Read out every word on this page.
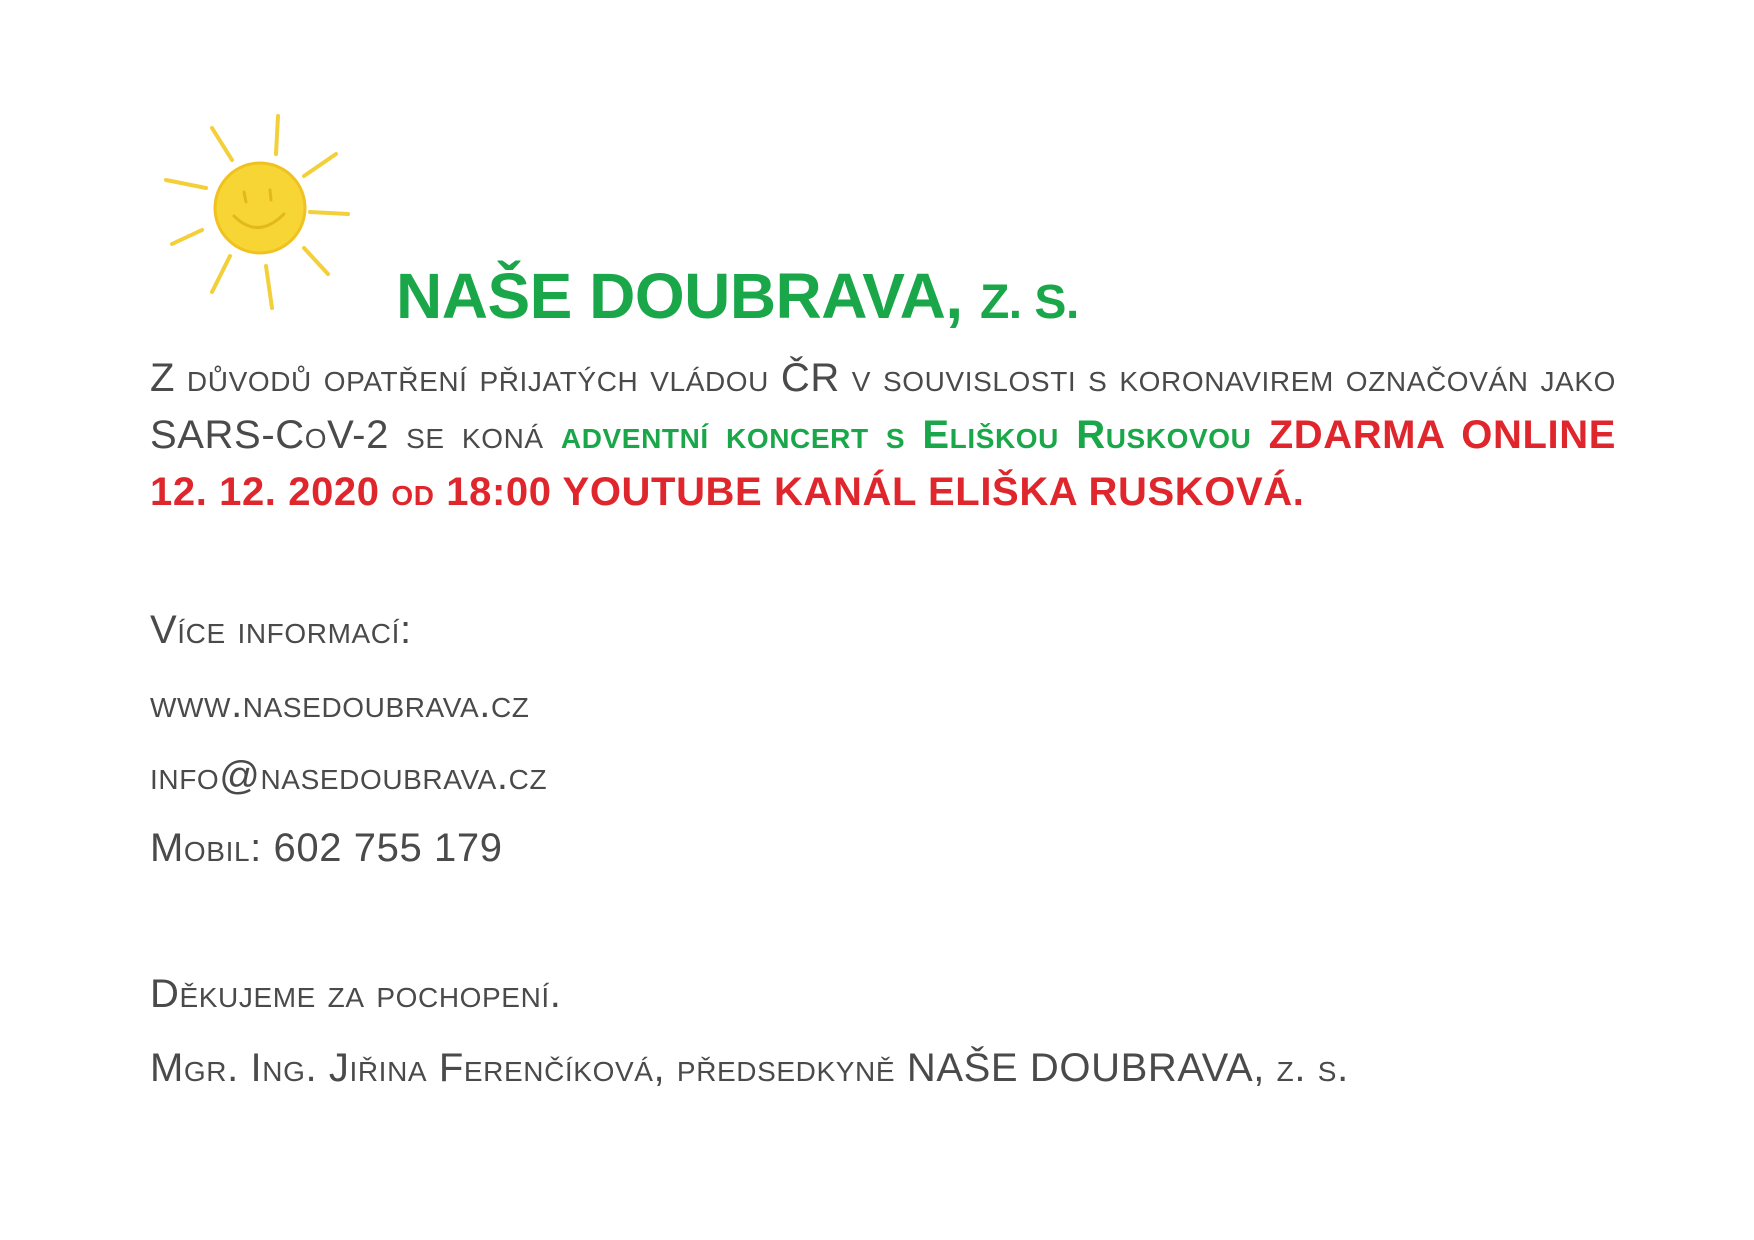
NAŠE DOUBRAVA, Z. S.

Z důvodů opatření přijatých vládou ČR v souvislosti s koronavirem označován jako SARS-CoV-2 se koná adventní koncert s Eliškou Ruskovou ZDARMA ONLINE 12. 12. 2020 od 18:00 YOUTUBE KANÁL ELIŠKA RUSKOVÁ.

Více informací:
www.nasedoubrava.cz
info@nasedoubrava.cz
Mobil: 602 755 179
Děkujeme za pochopení.
Mgr. Ing. Jiřina Ferenčíková, předsedkyně NAŠE DOUBRAVA, z. s.
